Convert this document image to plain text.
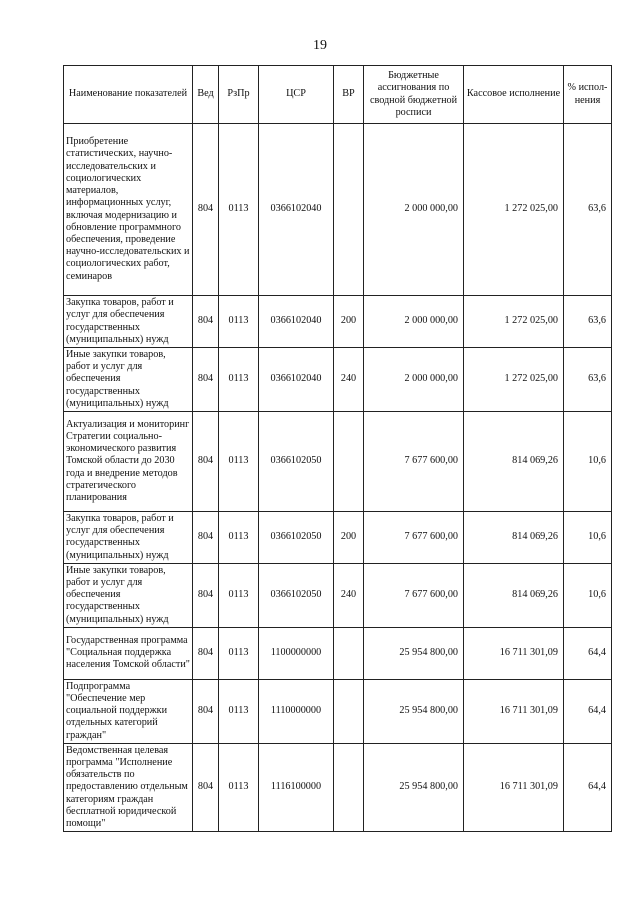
19
Наименование показателей	Вед	РзПр	ЦСР	ВР	Бюджетные ассигнования по сводной бюджетной росписи	Кассовое исполнение	% испол-нения
Приобретение статистических, научно-исследовательских и социологических материалов, информационных услуг, включая модернизацию и обновление программного обеспечения, проведение научно-исследовательских и социологических работ, семинаров	804	0113	0366102040		2 000 000,00	1 272 025,00	63,6
Закупка товаров, работ и услуг для обеспечения государственных (муниципальных) нужд	804	0113	0366102040	200	2 000 000,00	1 272 025,00	63,6
Иные закупки товаров, работ и услуг для обеспечения государственных (муниципальных) нужд	804	0113	0366102040	240	2 000 000,00	1 272 025,00	63,6
Актуализация и мониторинг Стратегии социально-экономического развития Томской области до 2030 года и внедрение методов стратегического планирования	804	0113	0366102050		7 677 600,00	814 069,26	10,6
Закупка товаров, работ и услуг для обеспечения государственных (муниципальных) нужд	804	0113	0366102050	200	7 677 600,00	814 069,26	10,6
Иные закупки товаров, работ и услуг для обеспечения государственных (муниципальных) нужд	804	0113	0366102050	240	7 677 600,00	814 069,26	10,6
Государственная программа "Социальная поддержка населения Томской области"	804	0113	1100000000		25 954 800,00	16 711 301,09	64,4
Подпрограмма "Обеспечение мер социальной поддержки отдельных категорий граждан"	804	0113	1110000000		25 954 800,00	16 711 301,09	64,4
Ведомственная целевая программа "Исполнение обязательств по предоставлению отдельным категориям граждан бесплатной юридической помощи"	804	0113	1116100000		25 954 800,00	16 711 301,09	64,4
